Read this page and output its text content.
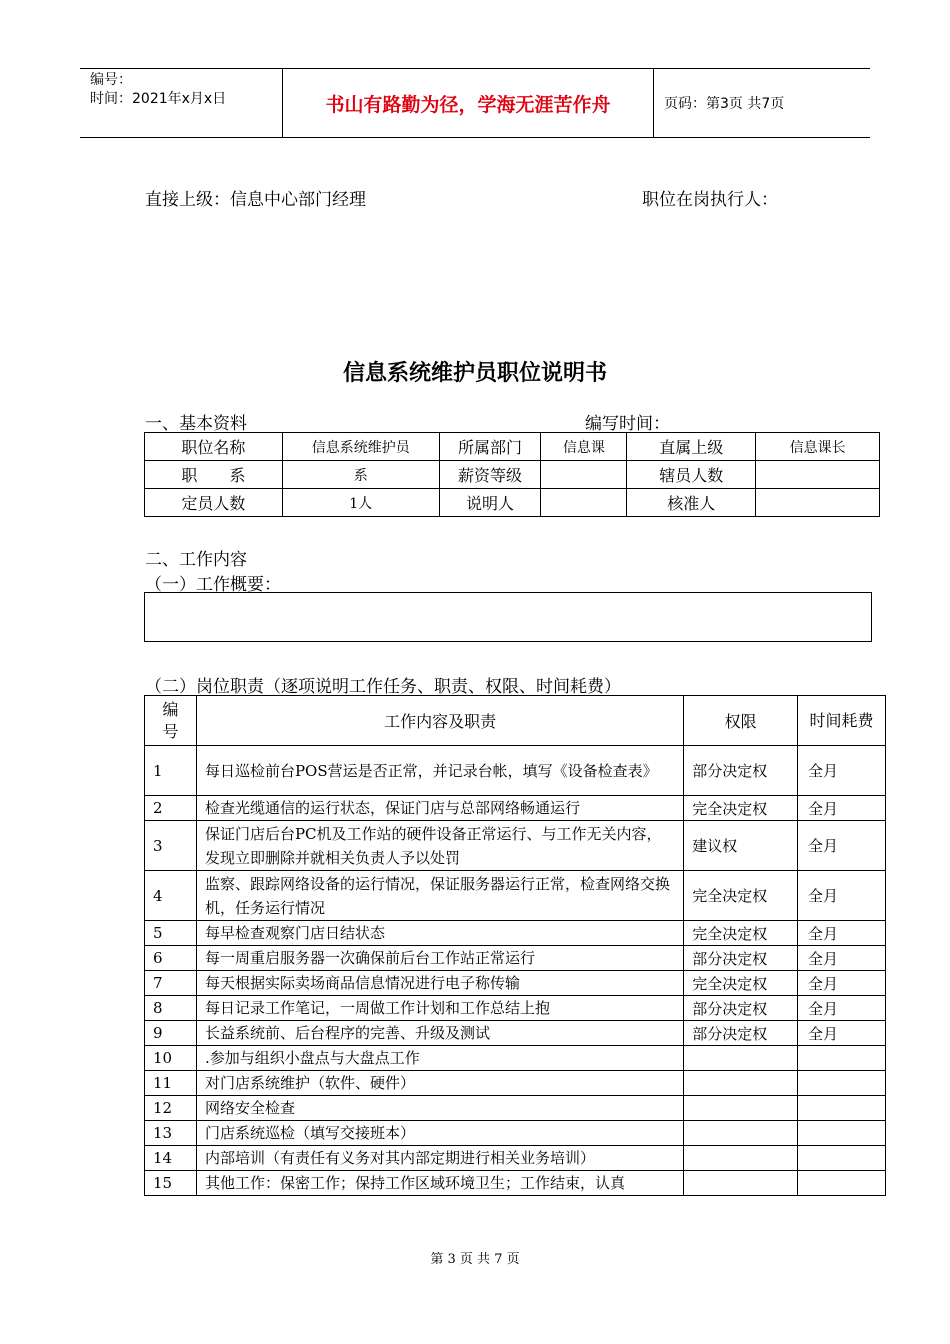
编号：
时间：2021年x月x日	书山有路勤为径，学海无涯苦作舟	页码：第3页 共7页
直接上级：信息中心部门经理	职位在岗执行人：
信息系统维护员职位说明书
一、基本资料	编写时间：
职位名称	信息系统维护员	所属部门	信息课	直属上级	信息课长
职　　系	系	薪资等级		辖员人数	
定员人数	1人	说明人		核准人	
二、工作内容
（一）工作概要：
（二）岗位职责（逐项说明工作任务、职责、权限、时间耗费）
编号	工作内容及职责	权限	时间耗费
1	每日巡检前台POS营运是否正常，并记录台帐，填写《设备检查表》	部分决定权	全月
2	检查光缆通信的运行状态，保证门店与总部网络畅通运行	完全决定权	全月
3	保证门店后台PC机及工作站的硬件设备正常运行、与工作无关内容，发现立即删除并就相关负责人予以处罚	建议权	全月
4	监察、跟踪网络设备的运行情况，保证服务器运行正常，检查网络交换机，任务运行情况	完全决定权	全月
5	每早检查观察门店日结状态	完全决定权	全月
6	每一周重启服务器一次确保前后台工作站正常运行	部分决定权	全月
7	每天根据实际卖场商品信息情况进行电子称传输	完全决定权	全月
8	每日记录工作笔记，一周做工作计划和工作总结上抱	部分决定权	全月
9	长益系统前、后台程序的完善、升级及测试	部分决定权	全月
10	.参加与组织小盘点与大盘点工作		
11	对门店系统维护（软件、硬件）		
12	网络安全检查		
13	门店系统巡检（填写交接班本）		
14	内部培训（有责任有义务对其内部定期进行相关业务培训）		
15	其他工作：保密工作；保持工作区域环境卫生；工作结束，认真		
第 3 页 共 7 页
